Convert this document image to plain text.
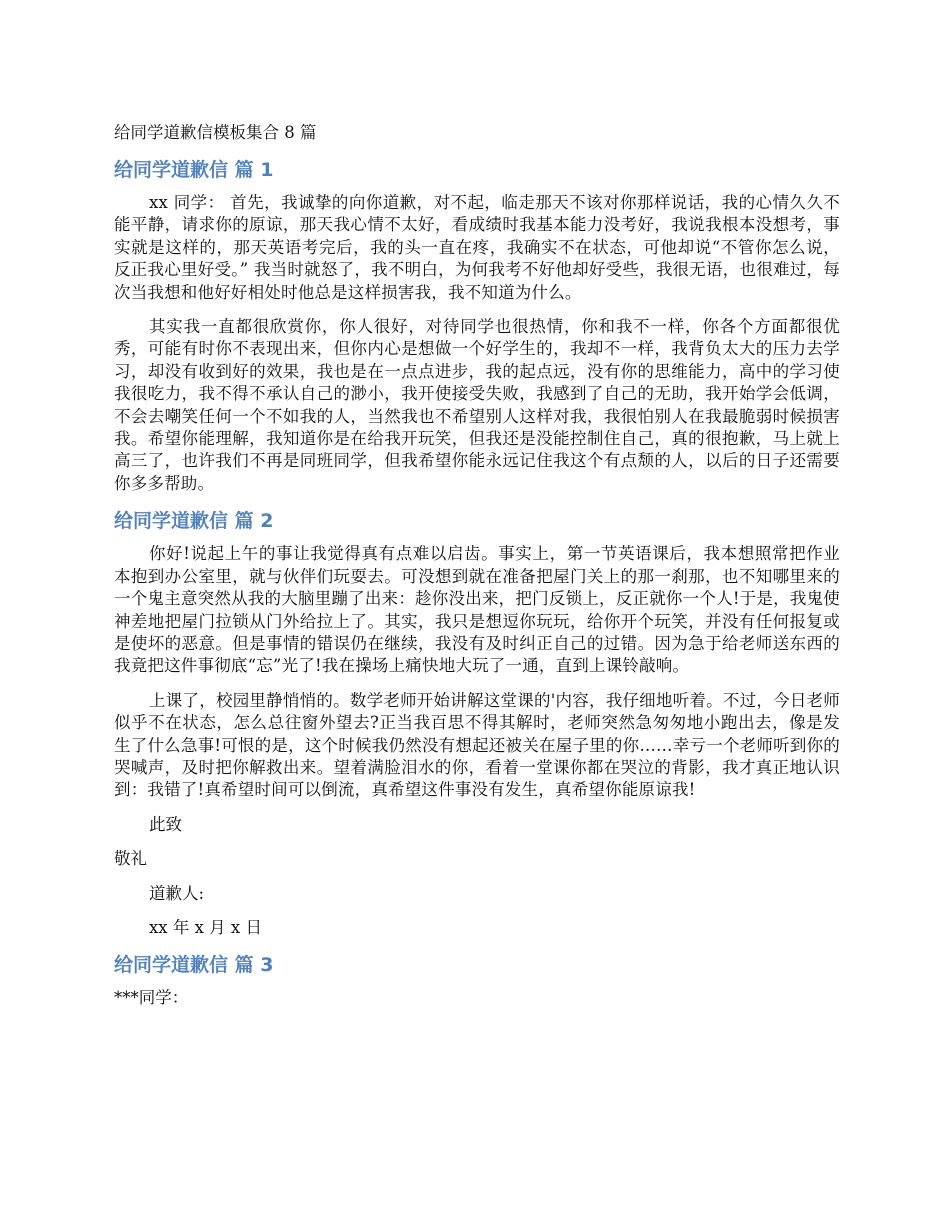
给同学道歉信模板集合 8 篇
给同学道歉信 篇 1

xx 同学： 首先，我诚挚的向你道歉，对不起，临走那天不该对你那样说话，我的心情久久不能平静，请求你的原谅，那天我心情不太好，看成绩时我基本能力没考好，我说我根本没想考，事实就是这样的，那天英语考完后，我的头一直在疼，我确实不在状态，可他却说“不管你怎么说，反正我心里好受。” 我当时就怒了，我不明白，为何我考不好他却好受些，我很无语，也很难过，每次当我想和他好好相处时他总是这样损害我，我不知道为什么。

其实我一直都很欣赏你，你人很好，对待同学也很热情，你和我不一样，你各个方面都很优秀，可能有时你不表现出来，但你内心是想做一个好学生的，我却不一样，我背负太大的压力去学习，却没有收到好的效果，我也是在一点点进步，我的起点远，没有你的思维能力，高中的学习使我很吃力，我不得不承认自己的渺小，我开使接受失败，我感到了自己的无助，我开始学会低调，不会去嘲笑任何一个不如我的人，当然我也不希望别人这样对我，我很怕别人在我最脆弱时候损害我。希望你能理解，我知道你是在给我开玩笑，但我还是没能控制住自己，真的很抱歉，马上就上高三了，也许我们不再是同班同学，但我希望你能永远记住我这个有点颓的人，以后的日子还需要你多多帮助。

给同学道歉信 篇 2

你好!说起上午的事让我觉得真有点难以启齿。事实上，第一节英语课后，我本想照常把作业本抱到办公室里，就与伙伴们玩耍去。可没想到就在准备把屋门关上的那一刹那，也不知哪里来的一个鬼主意突然从我的大脑里蹦了出来：趁你没出来，把门反锁上，反正就你一个人!于是，我鬼使神差地把屋门拉锁从门外给拉上了。其实，我只是想逗你玩玩，给你开个玩笑，并没有任何报复或是使坏的恶意。但是事情的错误仍在继续，我没有及时纠正自己的过错。因为急于给老师送东西的我竟把这件事彻底“忘”光了!我在操场上痛快地大玩了一通，直到上课铃敲响。

上课了，校园里静悄悄的。数学老师开始讲解这堂课的'内容，我仔细地听着。不过，今日老师似乎不在状态，怎么总往窗外望去?正当我百思不得其解时，老师突然急匆匆地小跑出去，像是发生了什么急事!可恨的是，这个时候我仍然没有想起还被关在屋子里的你……幸亏一个老师听到你的哭喊声，及时把你解救出来。望着满脸泪水的你，看着一堂课你都在哭泣的背影，我才真正地认识到：我错了!真希望时间可以倒流，真希望这件事没有发生，真希望你能原谅我!

此致
敬礼
道歉人:
xx 年 x 月 x 日
给同学道歉信 篇 3
***同学：
